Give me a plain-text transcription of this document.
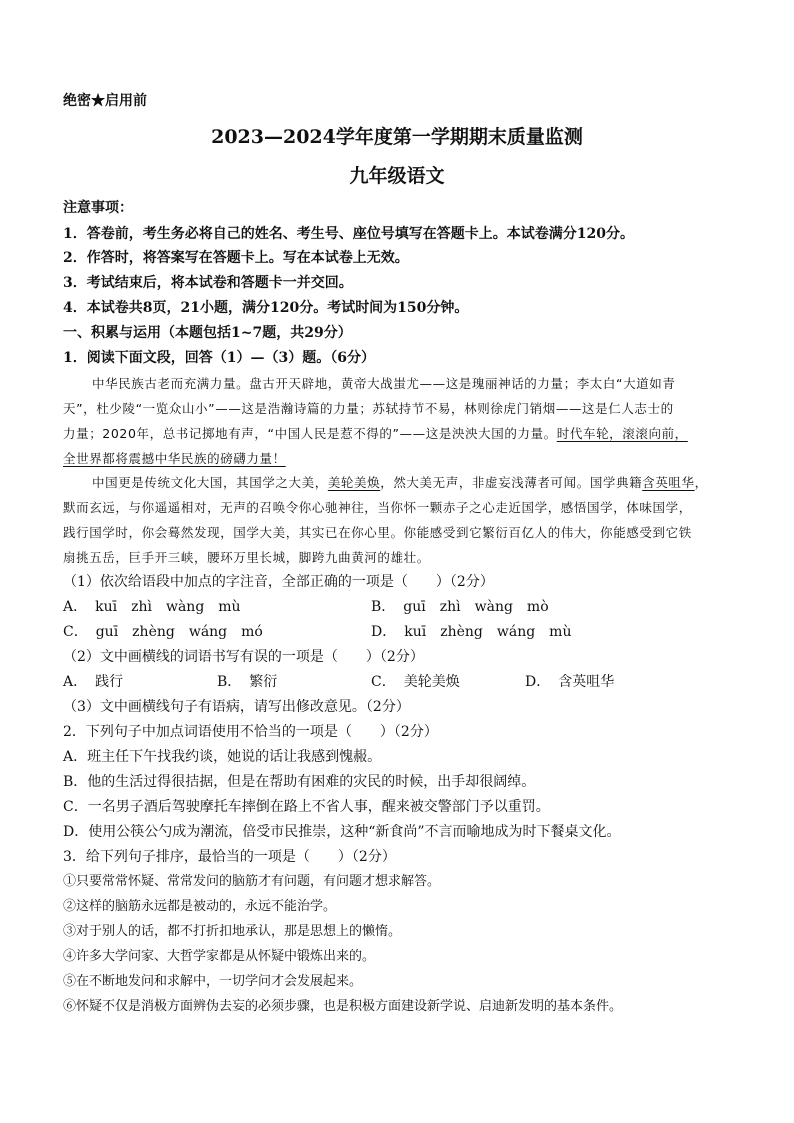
绝密★启用前
2023—2024学年度第一学期期末质量监测
九年级语文
注意事项：
1．答卷前，考生务必将自己的姓名、考生号、座位号填写在答题卡上。本试卷满分120分。
2．作答时，将答案写在答题卡上。写在本试卷上无效。
3．考试结束后，将本试卷和答题卡一并交回。
4．本试卷共8页，21小题，满分120分。考试时间为150分钟。
一、积累与运用（本题包括1~7题，共29分）
1．阅读下面文段，回答（1）—（3）题。（6分）
中华民族古老而充满力量。盘古开天辟地，黄帝大战蚩尤——这是瑰丽神话的力量；李太白“大道如青
天”，杜少陵“一览众山小”——这是浩瀚诗篇的力量；苏轼持节不易，林则徐虎门销烟——这是仁人志士的
力量；2020年，总书记掷地有声，“中国人民是惹不得的”——这是泱泱大国的力量。时代车轮，滚滚向前，
全世界都将震撼中华民族的磅礴力量！
中国更是传统文化大国，其国学之大美，美轮美焕，然大美无声，非虚妄浅薄者可闻。国学典籍含英咀华，
默而玄远，与你遥遥相对，无声的召唤令你心驰神往，当你怀一颗赤子之心走近国学，感悟国学，体味国学，
践行国学时，你会蓦然发现，国学大美，其实已在你心里。你能感受到它繁衍百亿人的伟大，你能感受到它铁
扇挑五岳，巨手开三峡，腰环万里长城，脚跨九曲黄河的雄壮。
（1）依次给语段中加点的字注音，全部正确的一项是（　　）（2分）
A． kuī　zhì　wàng　mù	B． guī　zhì　wàng　mò
C． guī　zhèng　wáng　mó	D． kuī　zhèng　wáng　mù
（2）文中画横线的词语书写有误的一项是（　　）（2分）
A． 践行	B． 繁衍	C． 美轮美焕	D． 含英咀华
（3）文中画横线句子有语病，请写出修改意见。（2分）
2．下列句子中加点词语使用不恰当的一项是（　　）（2分）
A．班主任下午找我约谈，她说的话让我感到愧赧。
B．他的生活过得很拮据，但是在帮助有困难的灾民的时候，出手却很阔绰。
C．一名男子酒后驾驶摩托车摔倒在路上不省人事，醒来被交警部门予以重罚。
D．使用公筷公勺成为潮流，倍受市民推崇，这种“新食尚”不言而喻地成为时下餐桌文化。
3．给下列句子排序，最恰当的一项是（　　）（2分）
①只要常常怀疑、常常发问的脑筋才有问题，有问题才想求解答。
②这样的脑筋永远都是被动的，永远不能治学。
③对于别人的话，都不打折扣地承认，那是思想上的懒惰。
④许多大学问家、大哲学家都是从怀疑中锻炼出来的。
⑤在不断地发问和求解中，一切学问才会发展起来。
⑥怀疑不仅是消极方面辨伪去妄的必须步骤，也是积极方面建设新学说、启迪新发明的基本条件。
